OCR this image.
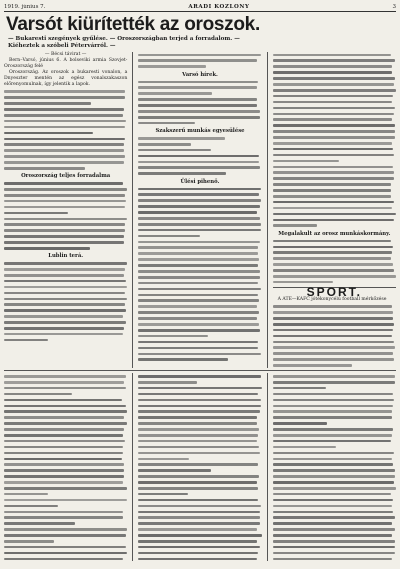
1919. június 7.	ARADI KÖZLÖNY	3
Varsót kiürítették az oroszok.
— Bukaresti szegények gyűlése. — Oroszországban terjed a forradalom. —
Kiéheztek a szóbeli Pétervárról. —
— Bécsi távirat —

Bern–Varsó, június 6. A bolseviki armia Szovjet-Oroszország felé

Oroszország. Az oroszok a bukaresti vonalon, a Dnyeszter mentén az egész vonalszakaszon előrenyomulnak, így jelentik a lapok.

Oroszország teljes forradalma
Lublin terá.
Varsó hírek.
Szakszerű munkás egyesülése
Ülési pihenő.
Megalakult az orosz munkáskormány.
SPORT.

A ATE—KAFC jótékonycélú football mérkőzése
